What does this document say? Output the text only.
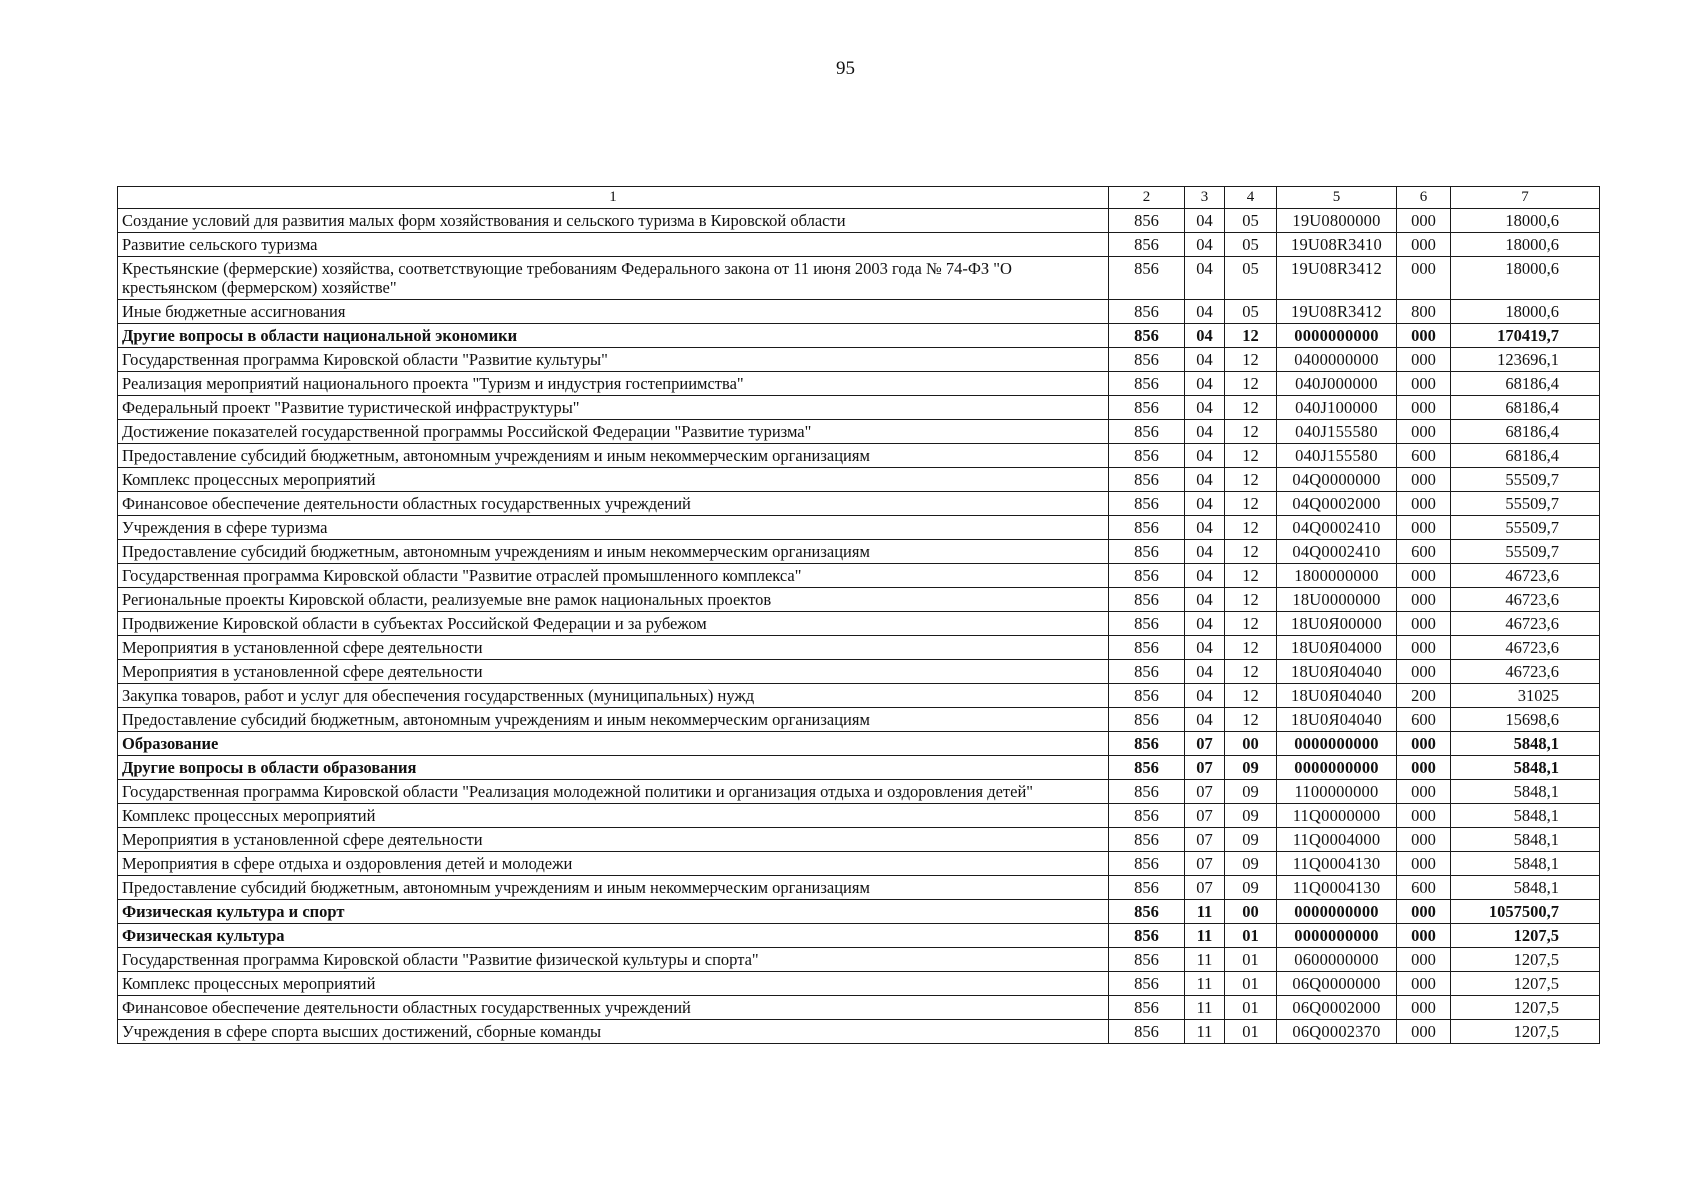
95
1	2	3	4	5	6	7
Создание условий для развития малых форм хозяйствования и сельского туризма в Кировской области	856	04	05	19U0800000	000	18000,6
Развитие сельского туризма	856	04	05	19U08R3410	000	18000,6
Крестьянские (фермерские) хозяйства, соответствующие требованиям Федерального закона от 11 июня 2003 года № 74-ФЗ "О крестьянском (фермерском) хозяйстве"	856	04	05	19U08R3412	000	18000,6
Иные бюджетные ассигнования	856	04	05	19U08R3412	800	18000,6
Другие вопросы в области национальной экономики	856	04	12	0000000000	000	170419,7
Государственная программа Кировской области "Развитие культуры"	856	04	12	0400000000	000	123696,1
Реализация мероприятий национального проекта "Туризм и индустрия гостеприимства"	856	04	12	040J000000	000	68186,4
Федеральный проект "Развитие туристической инфраструктуры"	856	04	12	040J100000	000	68186,4
Достижение показателей государственной программы Российской Федерации "Развитие туризма"	856	04	12	040J155580	000	68186,4
Предоставление субсидий бюджетным, автономным учреждениям и иным некоммерческим организациям	856	04	12	040J155580	600	68186,4
Комплекс процессных мероприятий	856	04	12	04Q0000000	000	55509,7
Финансовое обеспечение деятельности областных государственных учреждений	856	04	12	04Q0002000	000	55509,7
Учреждения в сфере туризма	856	04	12	04Q0002410	000	55509,7
Предоставление субсидий бюджетным, автономным учреждениям и иным некоммерческим организациям	856	04	12	04Q0002410	600	55509,7
Государственная программа Кировской области "Развитие отраслей промышленного комплекса"	856	04	12	1800000000	000	46723,6
Региональные проекты Кировской области, реализуемые вне рамок национальных проектов	856	04	12	18U0000000	000	46723,6
Продвижение Кировской области в субъектах Российской Федерации и за рубежом	856	04	12	18U0Я00000	000	46723,6
Мероприятия в установленной сфере деятельности	856	04	12	18U0Я04000	000	46723,6
Мероприятия в установленной сфере деятельности	856	04	12	18U0Я04040	000	46723,6
Закупка товаров, работ и услуг для обеспечения государственных (муниципальных) нужд	856	04	12	18U0Я04040	200	31025
Предоставление субсидий бюджетным, автономным учреждениям и иным некоммерческим организациям	856	04	12	18U0Я04040	600	15698,6
Образование	856	07	00	0000000000	000	5848,1
Другие вопросы в области образования	856	07	09	0000000000	000	5848,1
Государственная программа Кировской области "Реализация молодежной политики и организация отдыха и оздоровления детей"	856	07	09	1100000000	000	5848,1
Комплекс процессных мероприятий	856	07	09	11Q0000000	000	5848,1
Мероприятия в установленной сфере деятельности	856	07	09	11Q0004000	000	5848,1
Мероприятия в сфере отдыха и оздоровления детей и молодежи	856	07	09	11Q0004130	000	5848,1
Предоставление субсидий бюджетным, автономным учреждениям и иным некоммерческим организациям	856	07	09	11Q0004130	600	5848,1
Физическая культура и спорт	856	11	00	0000000000	000	1057500,7
Физическая культура	856	11	01	0000000000	000	1207,5
Государственная программа Кировской области "Развитие физической культуры и спорта"	856	11	01	0600000000	000	1207,5
Комплекс процессных мероприятий	856	11	01	06Q0000000	000	1207,5
Финансовое обеспечение деятельности областных государственных учреждений	856	11	01	06Q0002000	000	1207,5
Учреждения в сфере спорта высших достижений, сборные команды	856	11	01	06Q0002370	000	1207,5
